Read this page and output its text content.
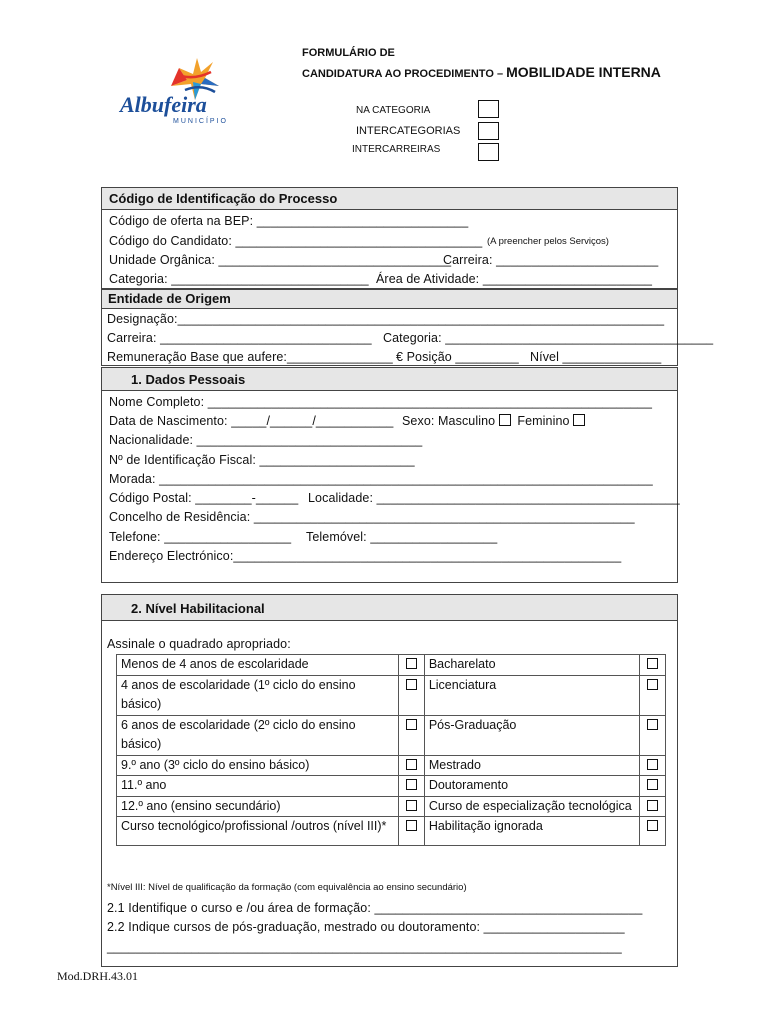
Albufeira
MUNICÍPIO
FORMULÁRIO DE
CANDIDATURA AO PROCEDIMENTO – MOBILIDADE INTERNA
NA CATEGORIA
INTERCATEGORIAS
INTERCARREIRAS
Código de Identificação do Processo
Código de oferta na BEP: ______________________________
Código do Candidato: ___________________________________ (A preencher pelos Serviços)
Unidade Orgânica: _________________________________
Carreira: _______________________
Categoria: ____________________________ Área de Atividade: ________________________
Entidade de Origem
Designação:_____________________________________________________________________
Carreira: ______________________________ Categoria: ______________________________________
Remuneração Base que aufere:_______________ € Posição _________ Nível ______________
1. Dados Pessoais
Nome Completo: _______________________________________________________________
Data de Nascimento: _____/______/___________ Sexo: Masculino Feminino
Nacionalidade: ________________________________
Nº de Identificação Fiscal: ______________________
Morada: ______________________________________________________________________
Código Postal: ________-______ Localidade: ___________________________________________
Concelho de Residência: ______________________________________________________
Telefone: __________________ Telemóvel: __________________
Endereço Electrónico:_______________________________________________________
2. Nível Habilitacional
Assinale o quadrado apropriado:
Menos de 4 anos de escolaridade		Bacharelato	
4 anos de escolaridade (1º ciclo do ensino básico)		Licenciatura	
6 anos de escolaridade (2º ciclo do ensino básico)		Pós-Graduação	
9.º ano (3º ciclo do ensino básico)		Mestrado	
11.º ano		Doutoramento	
12.º ano (ensino secundário)		Curso de especialização tecnológica	
Curso tecnológico/profissional /outros (nível III)*		Habilitação ignorada	
*Nível III: Nível de qualificação da formação (com equivalência ao ensino secundário)
2.1 Identifique o curso e /ou área de formação: ______________________________________
2.2 Indique cursos de pós-graduação, mestrado ou doutoramento: ____________________
_________________________________________________________________________
Mod.DRH.43.01
